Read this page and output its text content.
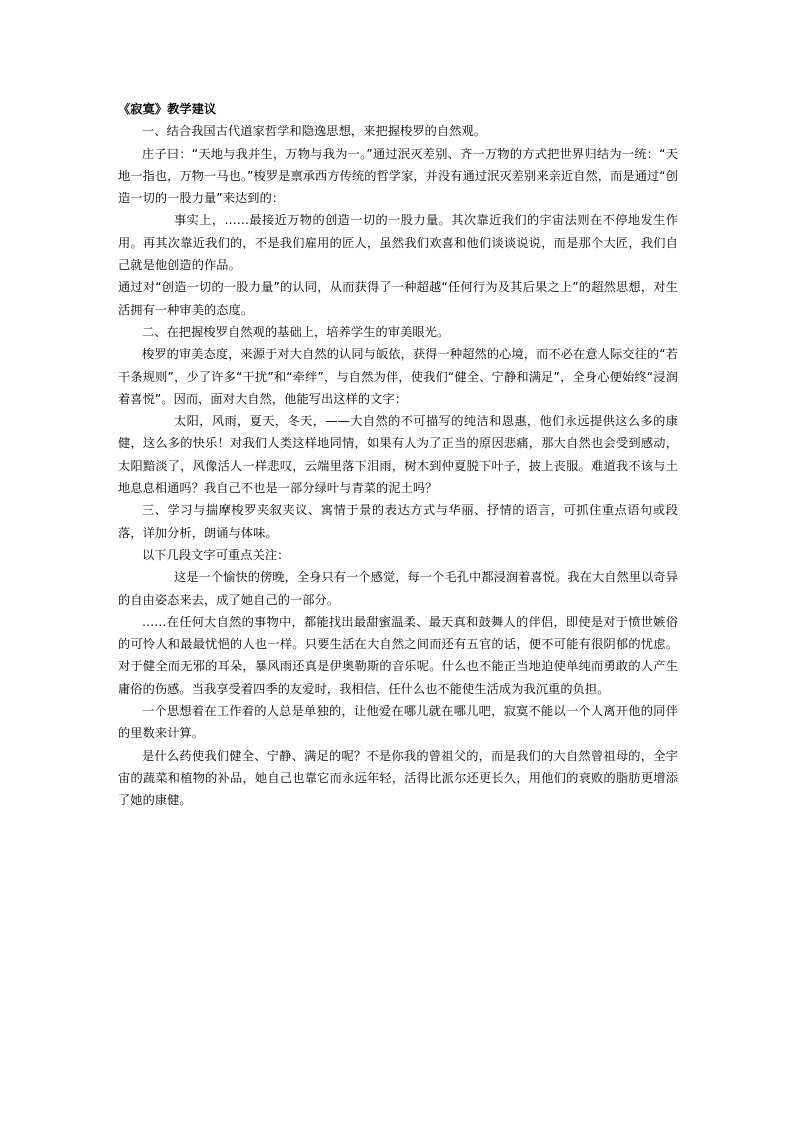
《寂寞》教学建议

一、结合我国古代道家哲学和隐逸思想，来把握梭罗的自然观。

庄子曰：“天地与我并生，万物与我为一。”通过泯灭差别、齐一万物的方式把世界归结为一统：“天地一指也，万物一马也。”梭罗是禀承西方传统的哲学家，并没有通过泯灭差别来亲近自然，而是通过“创造一切的一股力量”来达到的：

事实上，……最接近万物的创造一切的一股力量。其次靠近我们的宇宙法则在不停地发生作用。再其次靠近我们的，不是我们雇用的匠人，虽然我们欢喜和他们谈谈说说，而是那个大匠，我们自己就是他创造的作品。

通过对“创造一切的一股力量”的认同，从而获得了一种超越“任何行为及其后果之上”的超然思想，对生活拥有一种审美的态度。

二、在把握梭罗自然观的基础上，培养学生的审美眼光。

梭罗的审美态度，来源于对大自然的认同与皈依，获得一种超然的心境，而不必在意人际交往的“若干条规则”，少了许多“干扰”和“牵绊”，与自然为伴，使我们“健全、宁静和满足”，全身心便始终“浸润着喜悦”。因而，面对大自然，他能写出这样的文字：

太阳，风雨，夏天，冬天，——大自然的不可描写的纯洁和恩惠，他们永远提供这么多的康健，这么多的快乐！对我们人类这样地同情，如果有人为了正当的原因悲痛，那大自然也会受到感动，太阳黯淡了，风像活人一样悲叹，云端里落下泪雨，树木到仲夏脱下叶子，披上丧服。难道我不该与土地息息相通吗？我自己不也是一部分绿叶与青菜的泥土吗？

三、学习与揣摩梭罗夹叙夹议、寓情于景的表达方式与华丽、抒情的语言，可抓住重点语句或段落，详加分析，朗诵与体味。

以下几段文字可重点关注：

这是一个愉快的傍晚，全身只有一个感觉，每一个毛孔中都浸润着喜悦。我在大自然里以奇异的自由姿态来去，成了她自己的一部分。

……在任何大自然的事物中，都能找出最甜蜜温柔、最天真和鼓舞人的伴侣，即使是对于愤世嫉俗的可怜人和最最忧悒的人也一样。只要生活在大自然之间而还有五官的话，便不可能有很阴郁的忧虑。对于健全而无邪的耳朵，暴风雨还真是伊奥勒斯的音乐呢。什么也不能正当地迫使单纯而勇敢的人产生庸俗的伤感。当我享受着四季的友爱时，我相信，任什么也不能使生活成为我沉重的负担。

一个思想着在工作着的人总是单独的，让他爱在哪儿就在哪儿吧，寂寞不能以一个人离开他的同伴的里数来计算。

是什么药使我们健全、宁静、满足的呢？不是你我的曾祖父的，而是我们的大自然曾祖母的，全宇宙的蔬菜和植物的补品，她自己也靠它而永远年轻，活得比派尔还更长久，用他们的衰败的脂肪更增添了她的康健。
